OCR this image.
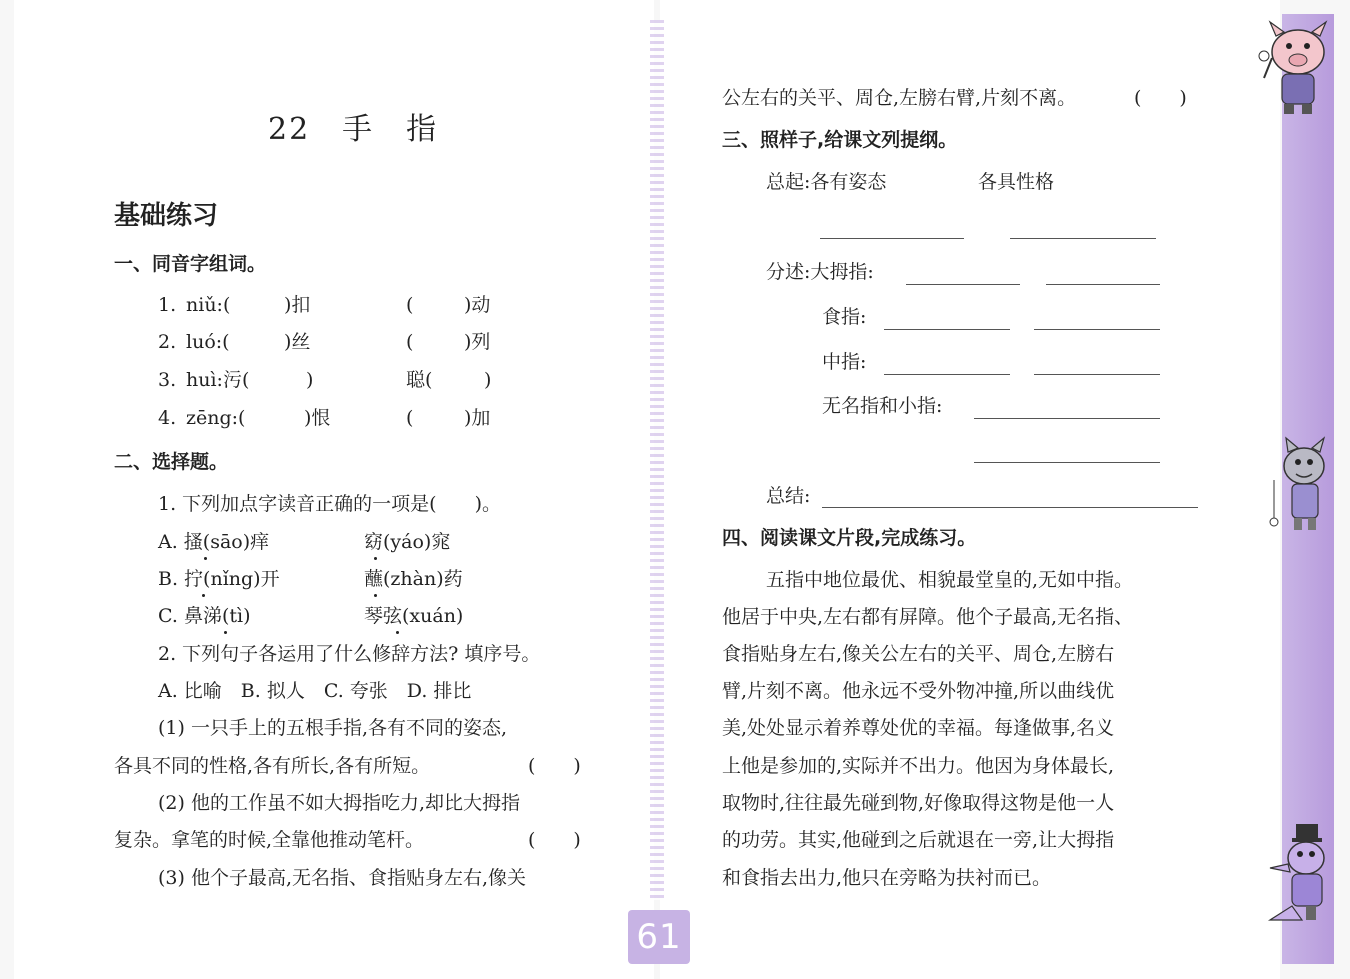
22　手　指
基础练习
一、同音字组词。
1. niǔ:(	)扣	(	)动
2. luó:(	)丝	(	)列
3. huì:污(	)	聪(	)
4. zēng:(	)恨	(	)加
二、选择题。
1. 下列加点字读音正确的一项是(　　)。
A. 搔(sāo)痒	窈(yáo)窕
B. 拧(nǐng)开	蘸(zhàn)药
C. 鼻涕(tì)	琴弦(xuán)
2. 下列句子各运用了什么修辞方法? 填序号。
A. 比喻　B. 拟人　C. 夸张　D. 排比
(1) 一只手上的五根手指,各有不同的姿态,
各具不同的性格,各有所长,各有所短。	(　　)
(2) 他的工作虽不如大拇指吃力,却比大拇指
复杂。拿笔的时候,全靠他推动笔杆。	(　　)
(3) 他个子最高,无名指、食指贴身左右,像关
公左右的关平、周仓,左膀右臂,片刻不离。	(　　)
三、照样子,给课文列提纲。
总起:各有姿态	各具性格
分述:大拇指:
食指:
中指:
无名指和小指:
总结:
四、阅读课文片段,完成练习。
五指中地位最优、相貌最堂皇的,无如中指。
他居于中央,左右都有屏障。他个子最高,无名指、
食指贴身左右,像关公左右的关平、周仓,左膀右
臂,片刻不离。他永远不受外物冲撞,所以曲线优
美,处处显示着养尊处优的幸福。每逢做事,名义
上他是参加的,实际并不出力。他因为身体最长,
取物时,往往最先碰到物,好像取得这物是他一人
的功劳。其实,他碰到之后就退在一旁,让大拇指
和食指去出力,他只在旁略为扶衬而已。
61
